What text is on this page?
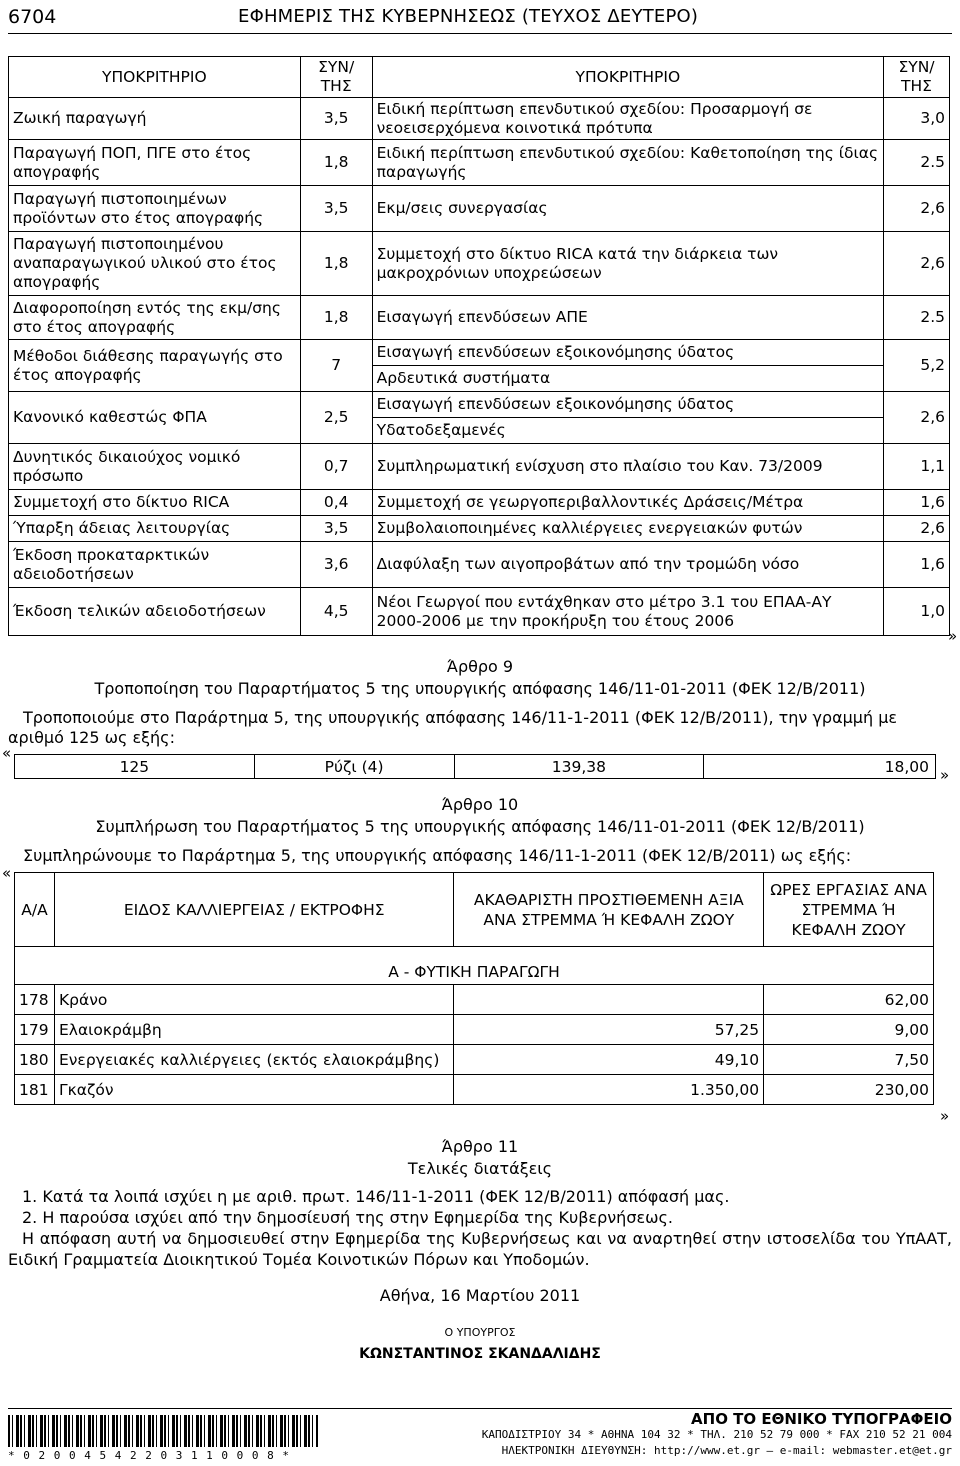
6704	ΕΦΗΜΕΡΙΣ ΤΗΣ ΚΥΒΕΡΝΗΣΕΩΣ (ΤΕΥΧΟΣ ΔΕΥΤΕΡΟ)
ΥΠΟΚΡΙΤΗΡΙΟ	ΣΥΝ/ΤΗΣ	ΥΠΟΚΡΙΤΗΡΙΟ	ΣΥΝ/ΤΗΣ
Ζωική παραγωγή	3,5	Ειδική περίπτωση επενδυτικού σχεδίου: Προσαρμογή σε νεοεισερχόμενα κοινοτικά πρότυπα	3,0
Παραγωγή ΠΟΠ, ΠΓΕ στο έτος απογραφής	1,8	Ειδική περίπτωση επενδυτικού σχεδίου: Καθετοποίηση της ίδιας παραγωγής	2.5
Παραγωγή πιστοποιημένων προϊόντων στο έτος απογραφής	3,5	Εκμ/σεις συνεργασίας	2,6
Παραγωγή πιστοποιημένου αναπαραγωγικού υλικού στο έτος απογραφής	1,8	Συμμετοχή στο δίκτυο RICA κατά την διάρκεια των μακροχρόνιων υποχρεώσεων	2,6
Διαφοροποίηση εντός της εκμ/σης στο έτος απογραφής	1,8	Εισαγωγή επενδύσεων ΑΠΕ	2.5
Μέθοδοι διάθεσης παραγωγής στο έτος απογραφής	7	Εισαγωγή επενδύσεων εξοικονόμησης ύδατος	5,2
		Αρδευτικά συστήματα	
Κανονικό καθεστώς ΦΠΑ	2,5	Εισαγωγή επενδύσεων εξοικονόμησης ύδατος	2,6
		Υδατοδεξαμενές	
Δυνητικός δικαιούχος νομικό πρόσωπο	0,7	Συμπληρωματική ενίσχυση στο πλαίσιο του Καν. 73/2009	1,1
Συμμετοχή στο δίκτυο RICA	0,4	Συμμετοχή σε γεωργοπεριβαλλοντικές Δράσεις/Μέτρα	1,6
Ύπαρξη άδειας λειτουργίας	3,5	Συμβολαιοποιημένες καλλιέργειες ενεργειακών φυτών	2,6
Έκδοση προκαταρκτικών αδειοδοτήσεων	3,6	Διαφύλαξη των αιγοπροβάτων από την τρομώδη νόσο	1,6
Έκδοση τελικών αδειοδοτήσεων	4,5	Νέοι Γεωργοί που εντάχθηκαν στο μέτρο 3.1 του ΕΠΑΑ-ΑΥ 2000-2006 με την προκήρυξη του έτους 2006	1,0
»
Άρθρο 9
Τροποποίηση του Παραρτήματος 5 της υπουργικής απόφασης 146/11-01-2011 (ΦΕΚ 12/Β/2011)
Τροποποιούμε στο Παράρτημα 5, της υπουργικής απόφασης 146/11-1-2011 (ΦΕΚ 12/Β/2011), την γραμμή με αριθμό 125 ως εξής:
«
125	Ρύζι (4)	139,38	18,00 »
Άρθρο 10
Συμπλήρωση του Παραρτήματος 5 της υπουργικής απόφασης 146/11-01-2011 (ΦΕΚ 12/Β/2011)
Συμπληρώνουμε το Παράρτημα 5, της υπουργικής απόφασης 146/11-1-2011 (ΦΕΚ 12/Β/2011) ως εξής:
«
Α/Α	ΕΙΔΟΣ ΚΑΛΛΙΕΡΓΕΙΑΣ / ΕΚΤΡΟΦΗΣ	ΑΚΑΘΑΡΙΣΤΗ ΠΡΟΣΤΙΘΕΜΕΝΗ ΑΞΙΑ ΑΝΑ ΣΤΡΕΜΜΑ Ή ΚΕΦΑΛΗ ΖΩΟΥ	ΩΡΕΣ ΕΡΓΑΣΙΑΣ ΑΝΑ ΣΤΡΕΜΜΑ Ή ΚΕΦΑΛΗ ΖΩΟΥ
Α - ΦΥΤΙΚΗ ΠΑΡΑΓΩΓΗ			
178	Κράνο		62,00
179	Ελαιοκράμβη	57,25	9,00
180	Ενεργειακές καλλιέργειες (εκτός ελαιοκράμβης)	49,10	7,50
181	Γκαζόν	1.350,00	230,00
»
Άρθρο 11
Τελικές διατάξεις
1. Κατά τα λοιπά ισχύει η με αριθ. πρωτ. 146/11-1-2011 (ΦΕΚ 12/Β/2011) απόφασή μας.
2. Η παρούσα ισχύει από την δημοσίευσή της στην Εφημερίδα της Κυβερνήσεως.
Η απόφαση αυτή να δημοσιευθεί στην Εφημερίδα της Κυβερνήσεως και να αναρτηθεί στην ιστοσελίδα του ΥπΑΑΤ, Ειδική Γραμματεία Διοικητικού Τομέα Κοινοτικών Πόρων και Υποδομών.
Αθήνα, 16 Μαρτίου 2011
Ο ΥΠΟΥΡΓΟΣ
ΚΩΝΣΤΑΝΤΙΝΟΣ ΣΚΑΝΔΑΛΙΔΗΣ
* 0 2 0 0 4 5 4 2 2 0 3 1 1 0 0 0 8 *
ΑΠΟ ΤΟ ΕΘΝΙΚΟ ΤΥΠΟΓΡΑΦΕΙΟ
ΚΑΠΟΔΙΣΤΡΙΟΥ 34 * ΑΘΗΝΑ 104 32 * ΤΗΛ. 210 52 79 000 * FAX 210 52 21 004
ΗΛΕΚΤΡΟΝΙΚΗ ΔΙΕΥΘΥΝΣΗ: http://www.et.gr – e-mail: webmaster.et@et.gr
